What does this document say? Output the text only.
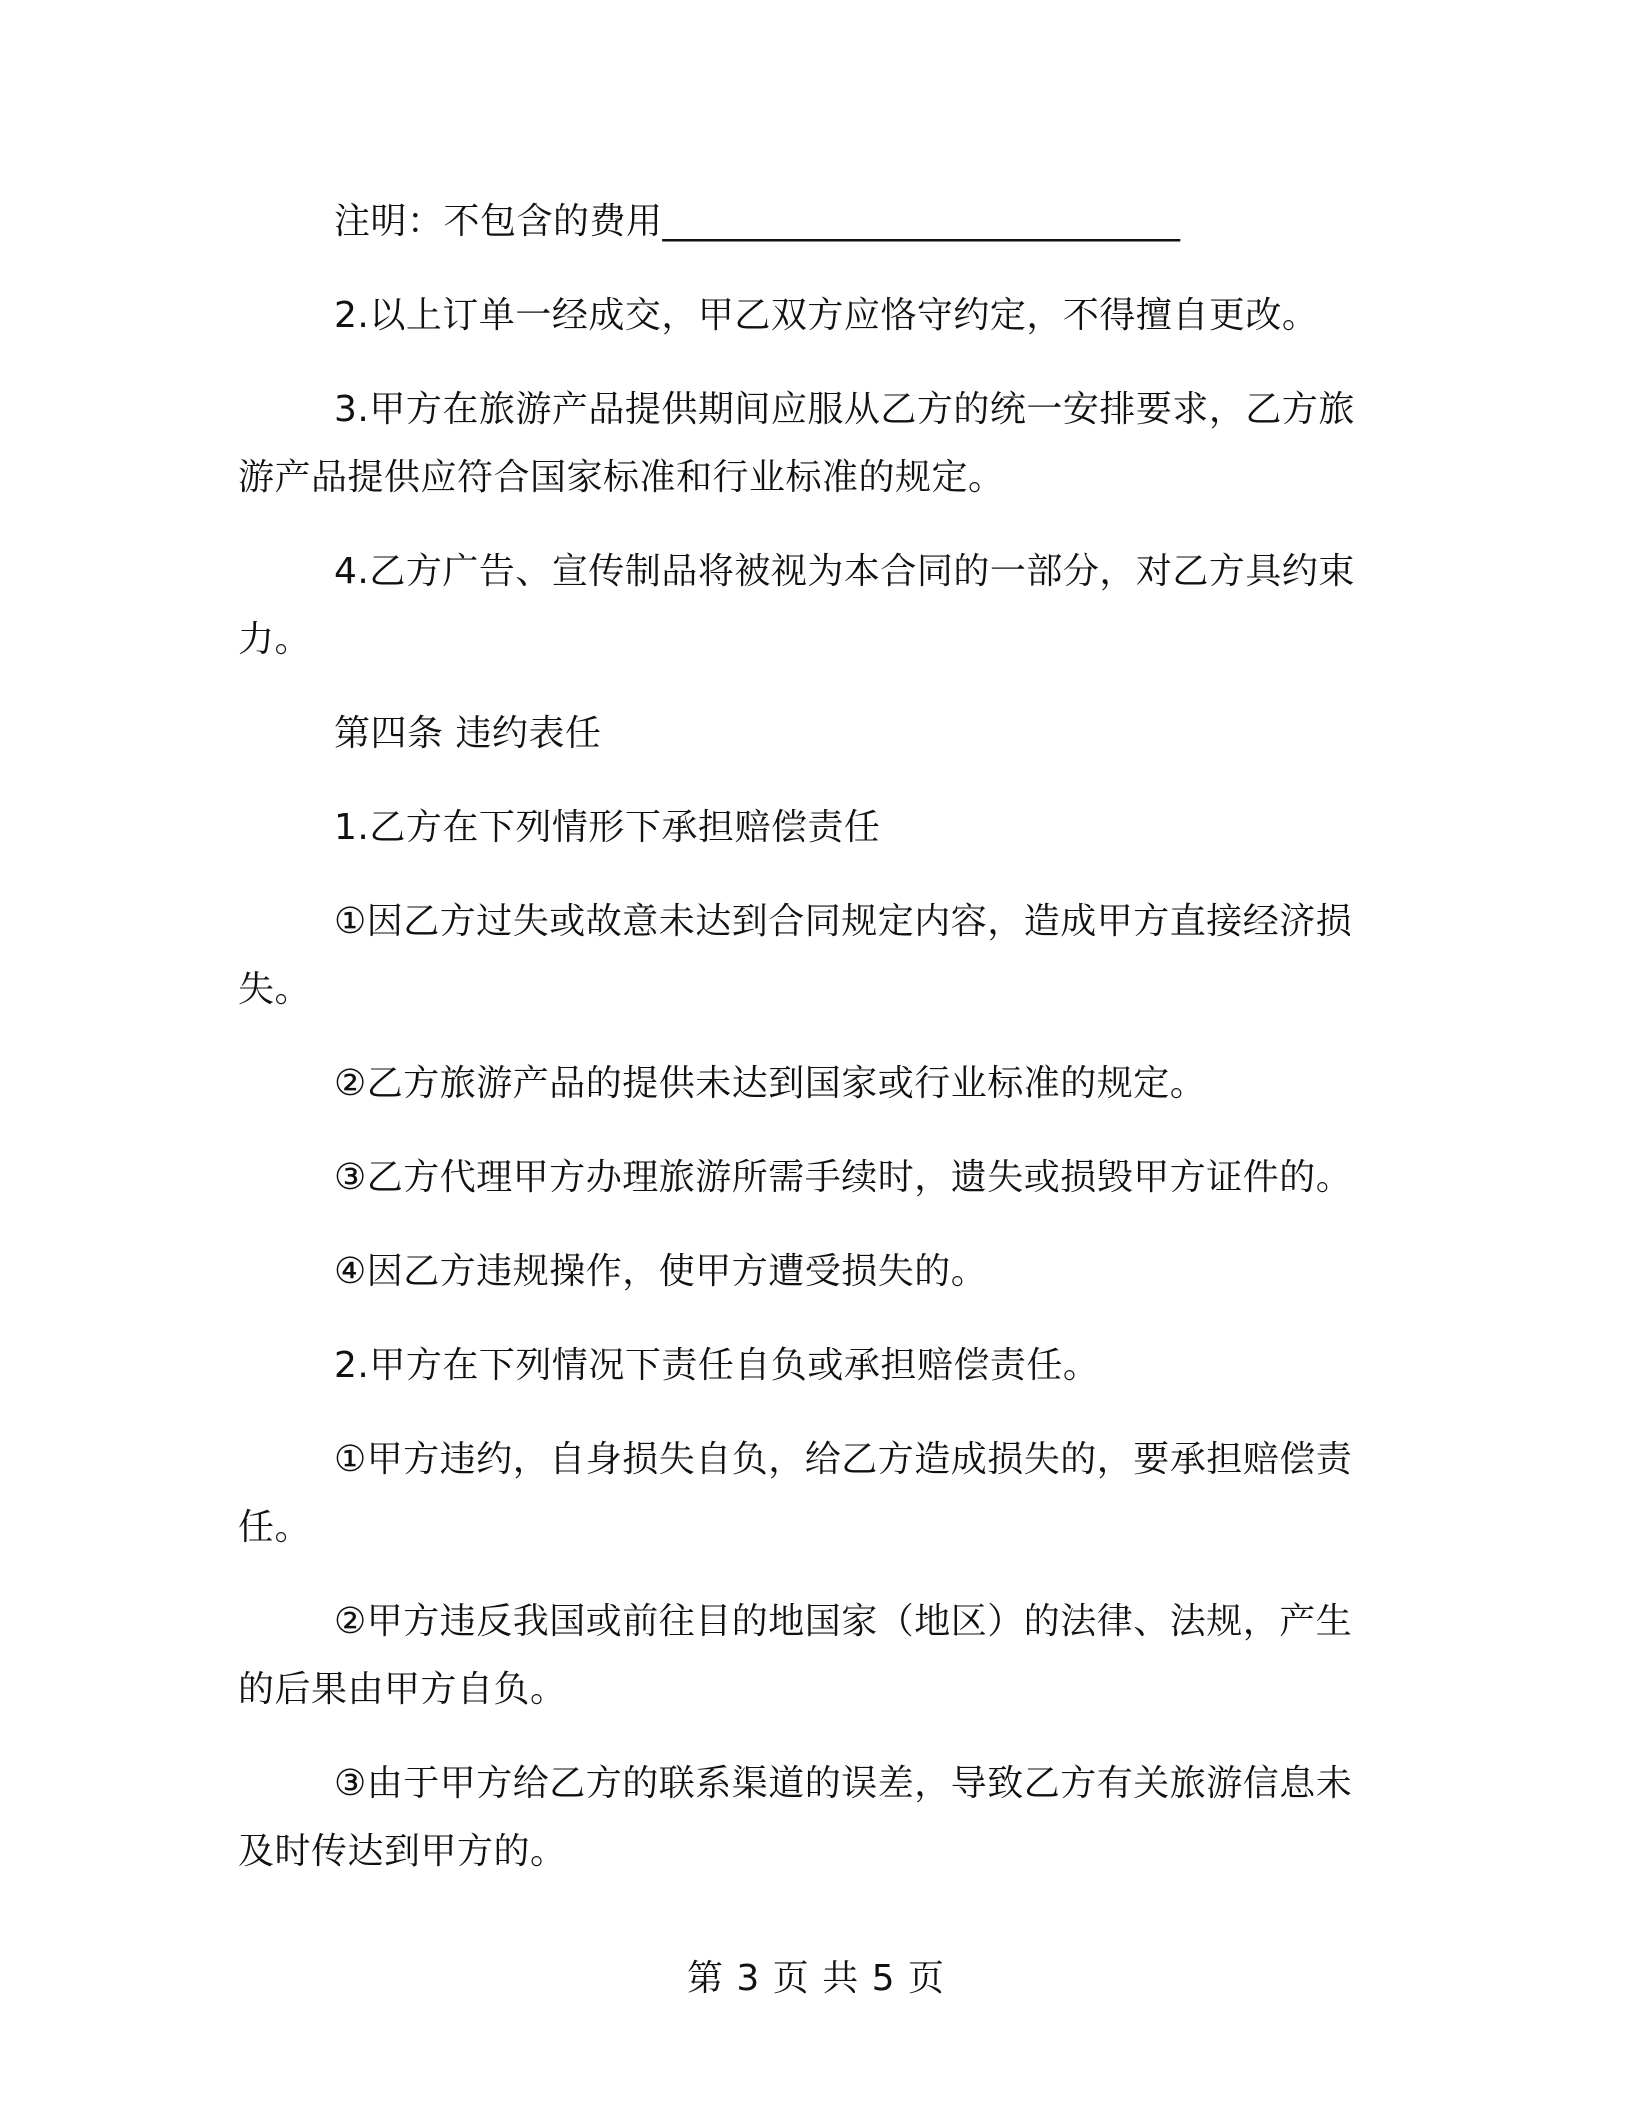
注明：不包含的费用____________________________

2.以上订单一经成交，甲乙双方应恪守约定，不得擅自更改。

3.甲方在旅游产品提供期间应服从乙方的统一安排要求，乙方旅游产品提供应符合国家标准和行业标准的规定。

4.乙方广告、宣传制品将被视为本合同的一部分，对乙方具约束力。

第四条 违约表任

1.乙方在下列情形下承担赔偿责任

①因乙方过失或故意未达到合同规定内容，造成甲方直接经济损失。

②乙方旅游产品的提供未达到国家或行业标准的规定。

③乙方代理甲方办理旅游所需手续时，遗失或损毁甲方证件的。

④因乙方违规操作，使甲方遭受损失的。

2.甲方在下列情况下责任自负或承担赔偿责任。

①甲方违约，自身损失自负，给乙方造成损失的，要承担赔偿责任。

②甲方违反我国或前往目的地国家（地区）的法律、法规，产生的后果由甲方自负。

③由于甲方给乙方的联系渠道的误差，导致乙方有关旅游信息未及时传达到甲方的。

第 3 页 共 5 页
